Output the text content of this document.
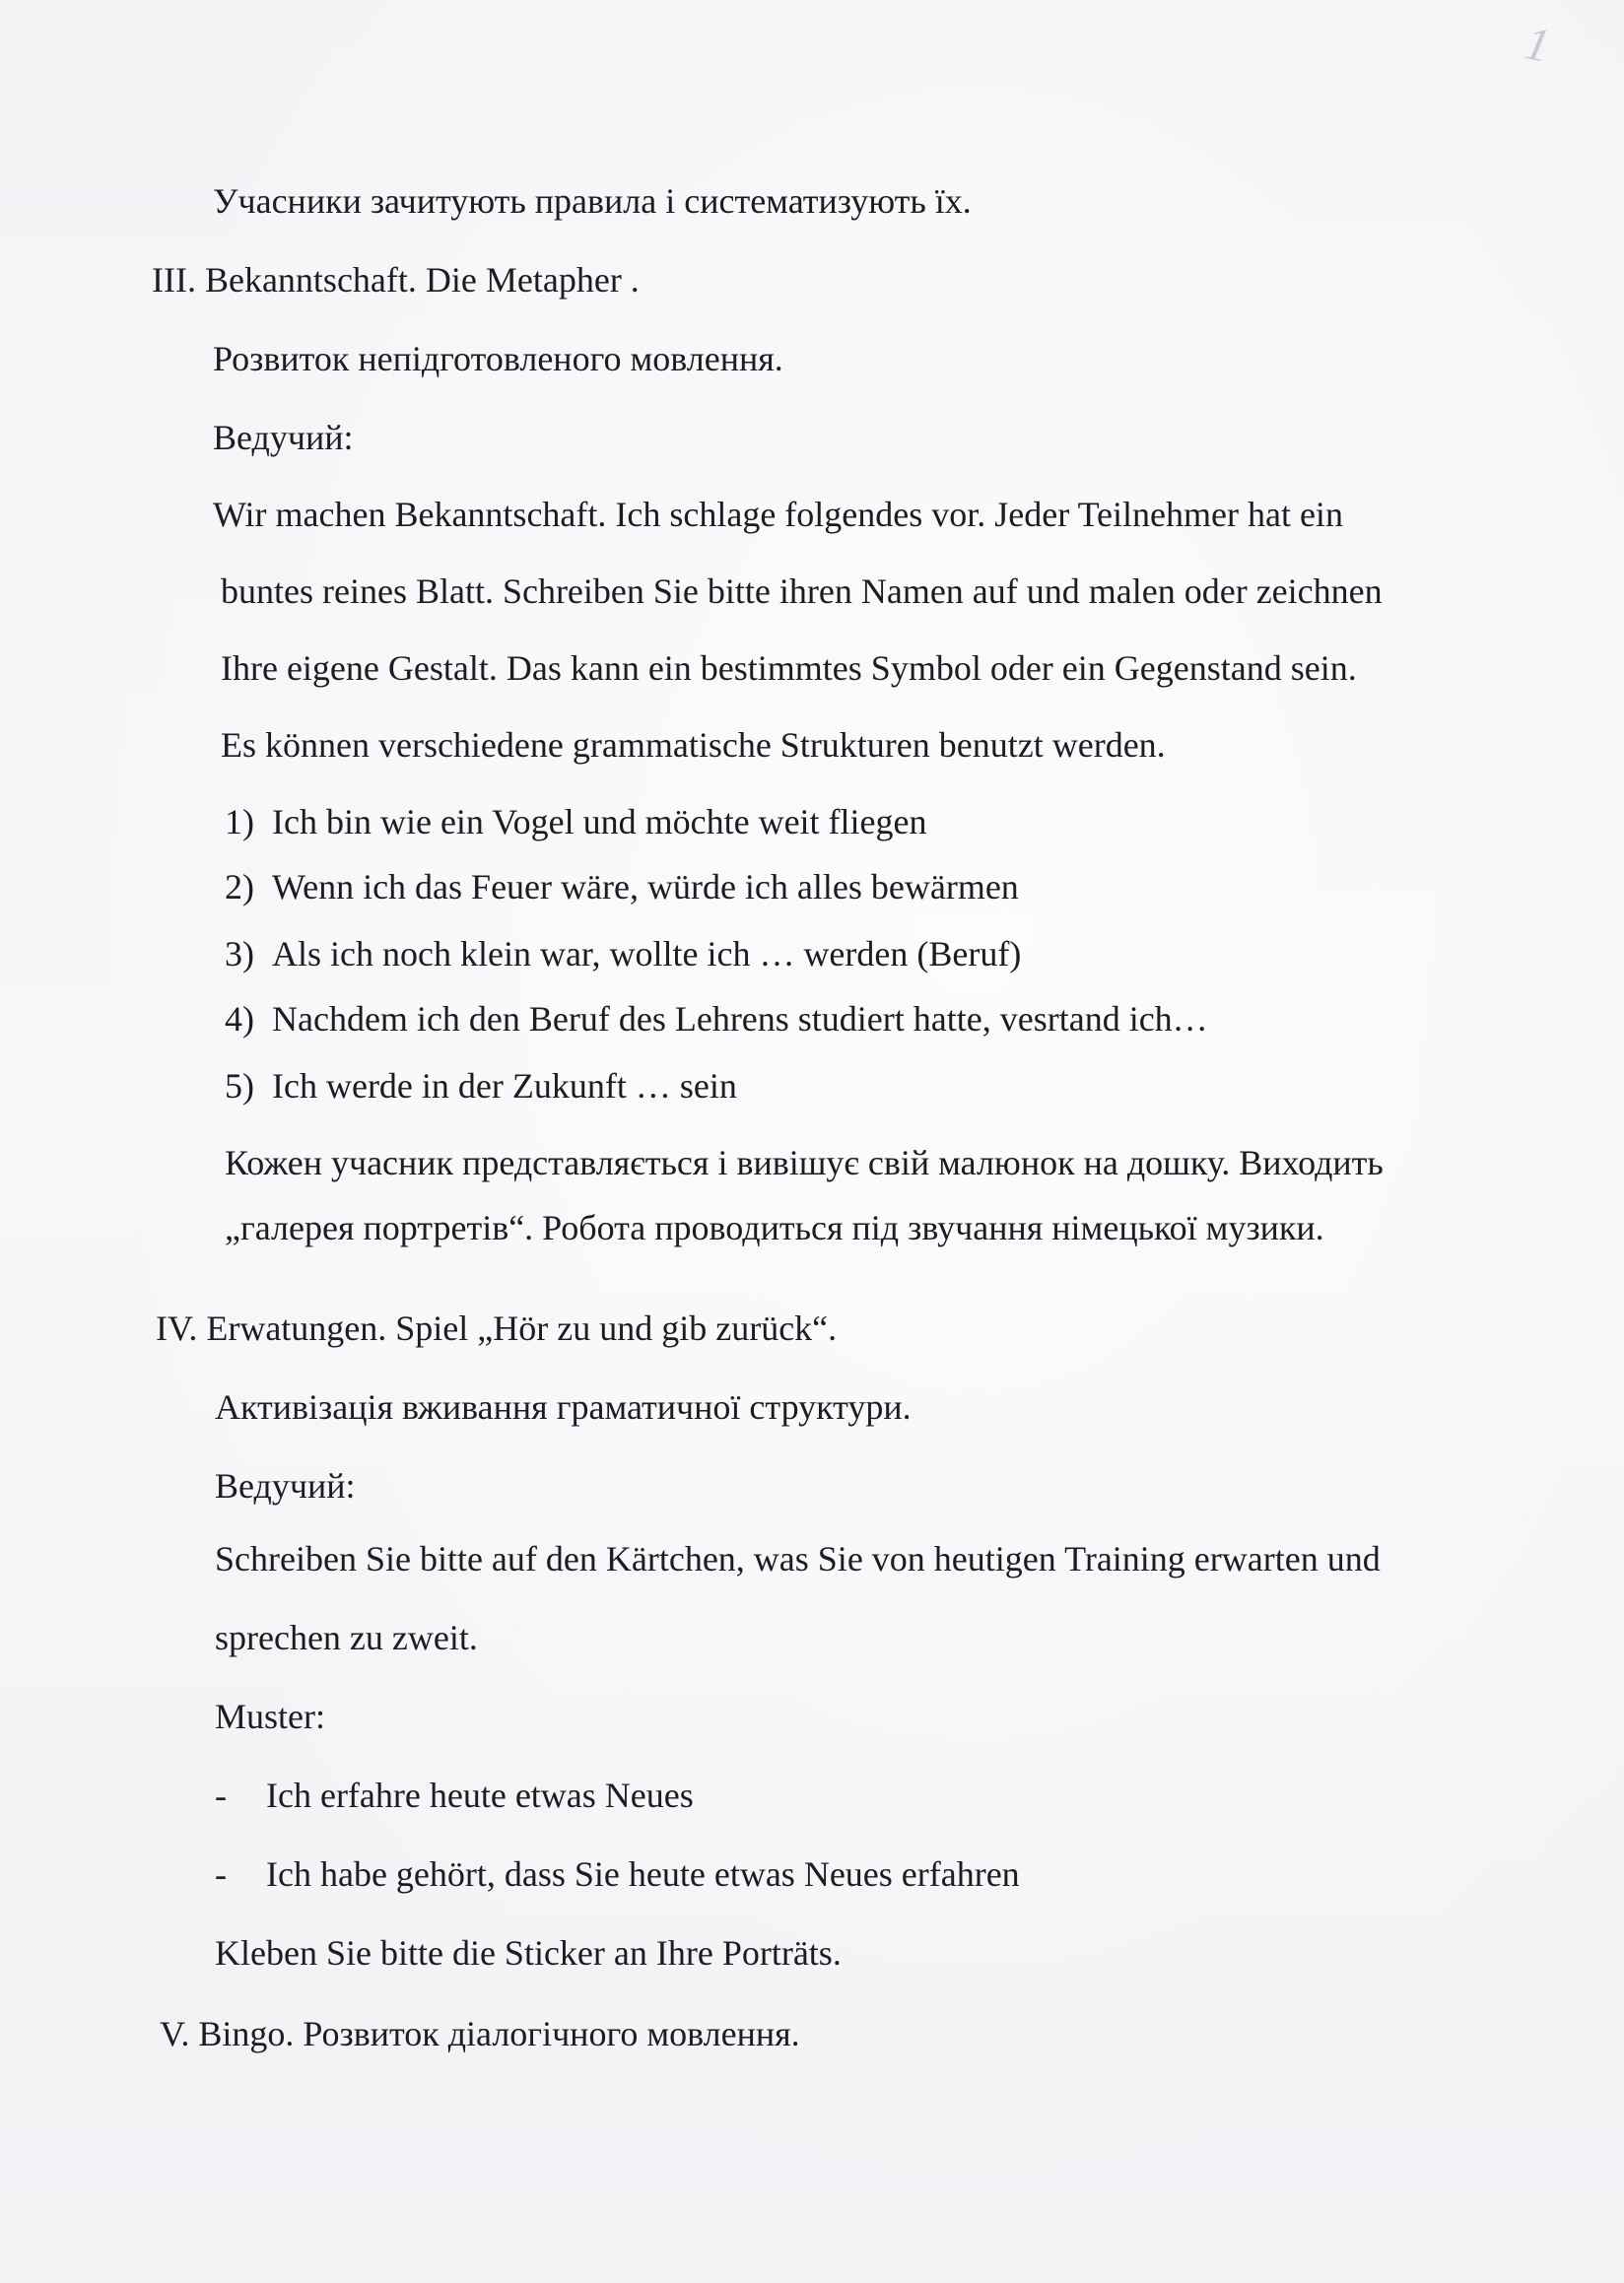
1
Учасники зачитують правила і систематизують їх.
III. Bekanntschaft. Die Metapher .
Розвиток непідготовленого мовлення.
Ведучий:
Wir machen Bekanntschaft. Ich schlage folgendes vor. Jeder Teilnehmer hat ein
buntes reines Blatt. Schreiben Sie bitte ihren Namen auf und malen oder zeichnen
Ihre eigene Gestalt. Das kann ein bestimmtes Symbol oder ein Gegenstand sein.
Es können verschiedene grammatische Strukturen benutzt werden.
1) Ich bin wie ein Vogel und möchte weit fliegen
2) Wenn ich das Feuer wäre, würde ich alles bewärmen
3) Als ich noch klein war, wollte ich … werden (Beruf)
4) Nachdem ich den Beruf des Lehrens studiert hatte, vesrtand ich…
5) Ich werde in der Zukunft … sein
Кожен учасник представляється і вивішує свій малюнок на дошку. Виходить
„галерея портретів“. Робота проводиться під звучання німецької музики.
IV. Erwatungen. Spiel „Hör zu und gib zurück“.
Активізація вживання граматичної структури.
Ведучий:
Schreiben Sie bitte auf den Kärtchen, was Sie von heutigen Training erwarten und
sprechen zu zweit.
Muster:
- Ich erfahre heute etwas Neues
- Ich habe gehört, dass Sie heute etwas Neues erfahren
Kleben Sie bitte die Sticker an Ihre Porträts.
V. Bingo. Розвиток діалогічного мовлення.
